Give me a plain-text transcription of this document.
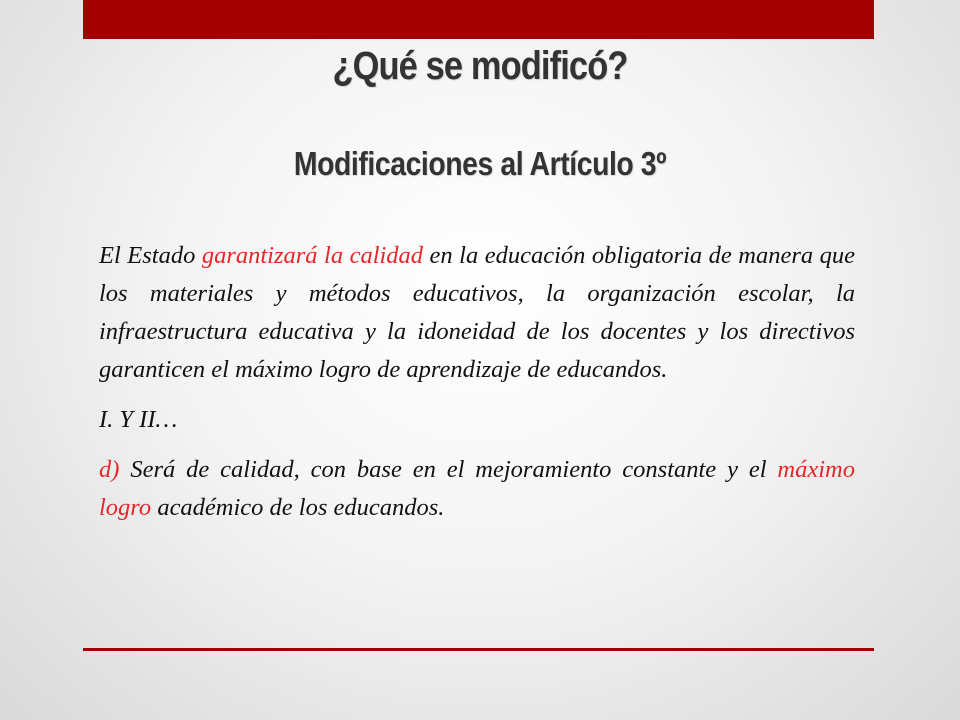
¿Qué se modificó?
Modificaciones al Artículo 3º

El Estado garantizará la calidad en la educación obligatoria de manera que los materiales y métodos educativos, la organización escolar, la infraestructura educativa y la idoneidad de los docentes y los directivos garanticen el máximo logro de aprendizaje de educandos.

I. Y II…

d) Será de calidad, con base en el mejoramiento constante y el máximo logro académico de los educandos.
